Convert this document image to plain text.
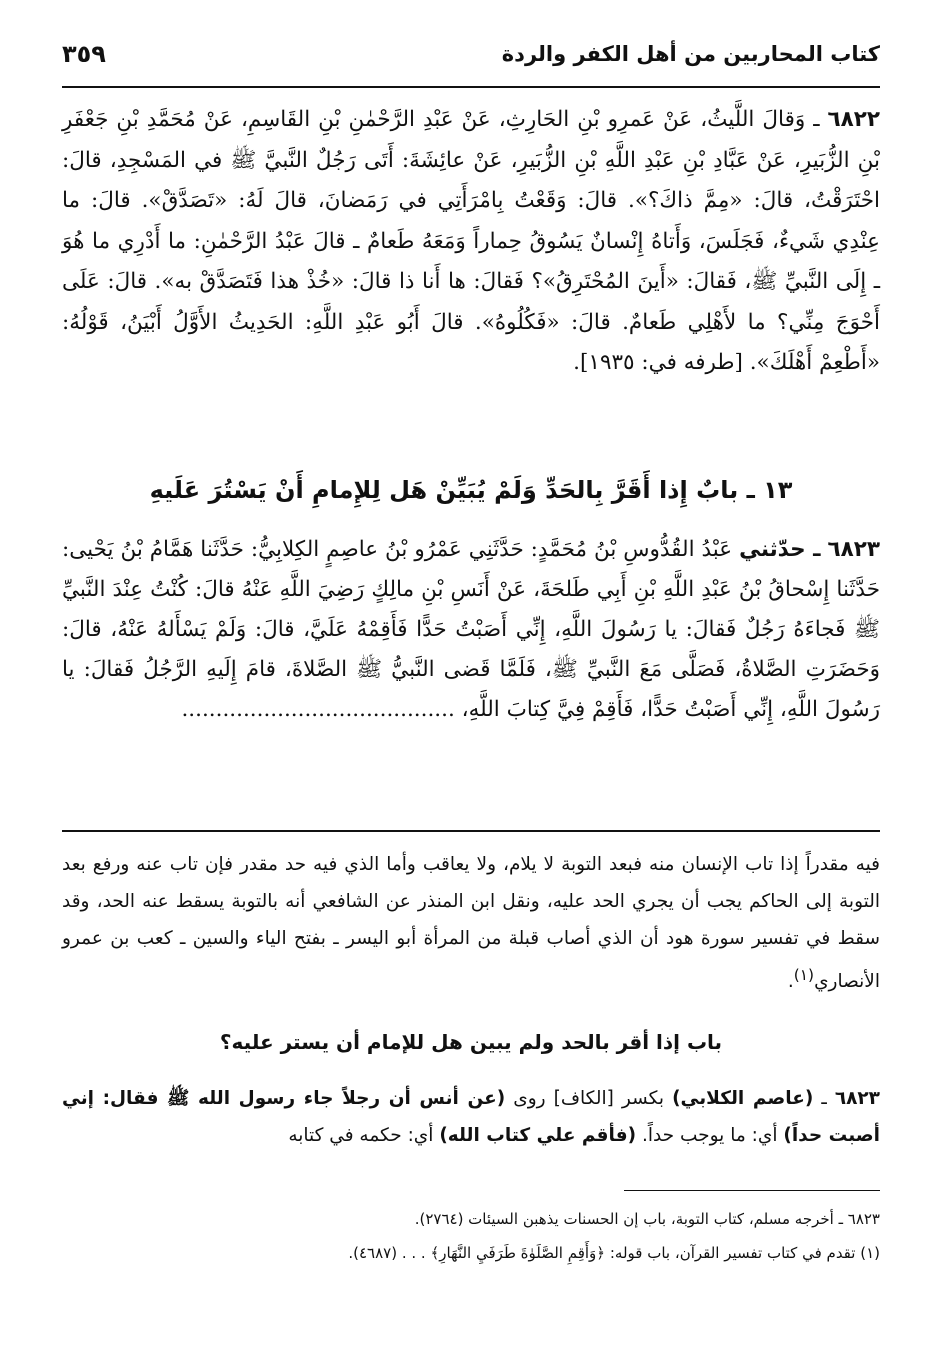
كتاب المحاربين من أهل الكفر والردة
٣٥٩
٦٨٢٢ ـ وَقالَ اللَّيثُ، عَنْ عَمرِو بْنِ الحَارِثِ، عَنْ عَبْدِ الرَّحْمٰنِ بْنِ القَاسِمِ، عَنْ مُحَمَّدِ بْنِ جَعْفَرِ بْنِ الزُّبَيرِ، عَنْ عَبَّادِ بْنِ عَبْدِ اللَّهِ بْنِ الزُّبَيرِ، عَنْ عائِشَةَ: أَتَى رَجُلٌ النَّبيَّ ﷺ في المَسْجِدِ، قالَ: احْتَرَقْتُ، قالَ: «مِمَّ ذاكَ؟». قالَ: وَقَعْتُ بِامْرَأَتِي في رَمَضانَ، قالَ لَهُ: «تَصَدَّقْ». قالَ: ما عِنْدِي شَيءٌ، فَجَلَسَ، وَأَتاهُ إِنْسانٌ يَسُوقُ حِماراً وَمَعَهُ طَعامٌ ـ قالَ عَبْدُ الرَّحْمٰنِ: ما أَدْرِي ما هُوَ ـ إِلَى النَّبيِّ ﷺ، فَقالَ: «أَينَ المُحْتَرِقُ»؟ فَقالَ: ها أَنا ذا قالَ: «خُذْ هذا فَتَصَدَّقْ به». قالَ: عَلَى أَحْوَجَ مِنِّي؟ ما لأَهْلِي طَعامٌ. قالَ: «فَكُلُوهُ». قالَ أَبُو عَبْدِ اللَّهِ: الحَدِيثُ الأَوَّلُ أَبْيَنُ، قَوْلُهُ: «أَطْعِمْ أَهْلَكَ». [طرفه في: ١٩٣٥].
١٣ ـ بابٌ إِذا أَقَرَّ بِالحَدِّ وَلَمْ يُبَيِّنْ هَل لِلإِمامِ أَنْ يَسْتُرَ عَلَيهِ
٦٨٢٣ ـ حدّثني عَبْدُ القُدُّوسِ بْنُ مُحَمَّدٍ: حَدَّثَنِي عَمْرُو بْنُ عاصِمٍ الكِلابِيُّ: حَدَّثَنا هَمَّامُ بْنُ يَحْيى: حَدَّثَنا إِسْحاقُ بْنُ عَبْدِ اللَّهِ بْنِ أَبِي طَلحَةَ، عَنْ أَنَسِ بْنِ مالِكٍ رَضِيَ اللَّهِ عَنْهُ قالَ: كُنْتُ عِنْدَ النَّبيِّ ﷺ فَجاءَهُ رَجُلٌ فَقالَ: يا رَسُولَ اللَّهِ، إِنِّي أَصَبْتُ حَدًّا فَأَقِمْهُ عَلَيَّ، قالَ: وَلَمْ يَسْأَلهُ عَنْهُ، قالَ: وَحَضَرَتِ الصَّلاةُ، فَصَلَّى مَعَ النَّبيِّ ﷺ، فَلَمَّا قَضى النَّبيُّ ﷺ الصَّلاةَ، قامَ إِلَيهِ الرَّجُلُ فَقالَ: يا رَسُولَ اللَّهِ، إِنِّي أَصَبْتُ حَدًّا، فَأَقِمْ فِيَّ كِتابَ اللَّهِ، ........................................
فيه مقدراً إذا تاب الإنسان منه فبعد التوبة لا يلام، ولا يعاقب وأما الذي فيه حد مقدر فإن تاب عنه ورفع بعد التوبة إلى الحاكم يجب أن يجري الحد عليه، ونقل ابن المنذر عن الشافعي أنه بالتوبة يسقط عنه الحد، وقد سقط في تفسير سورة هود أن الذي أصاب قبلة من المرأة أبو اليسر ـ بفتح الياء والسين ـ كعب بن عمرو الأنصاري$^{(١)}$.
باب إذا أقر بالحد ولم يبين هل للإمام أن يستر عليه؟
٦٨٢٣ ـ (عاصم الكلابي) بكسر [الكاف] روى (عن أنس أن رجلاً جاء رسول الله ﷺ فقال: إني أصبت حداً) أي: ما يوجب حداً. (فأقم علي كتاب الله) أي: حكمه في كتابه
٦٨٢٣ ـ أخرجه مسلم، كتاب التوبة، باب إن الحسنات يذهبن السيئات (٢٧٦٤).
(١) تقدم في كتاب تفسير القرآن، باب قوله: ﴿وَأَقِمِ الصَّلَوٰةَ طَرَفَيِ النَّهَارِ﴾ . . . (٤٦٨٧).
